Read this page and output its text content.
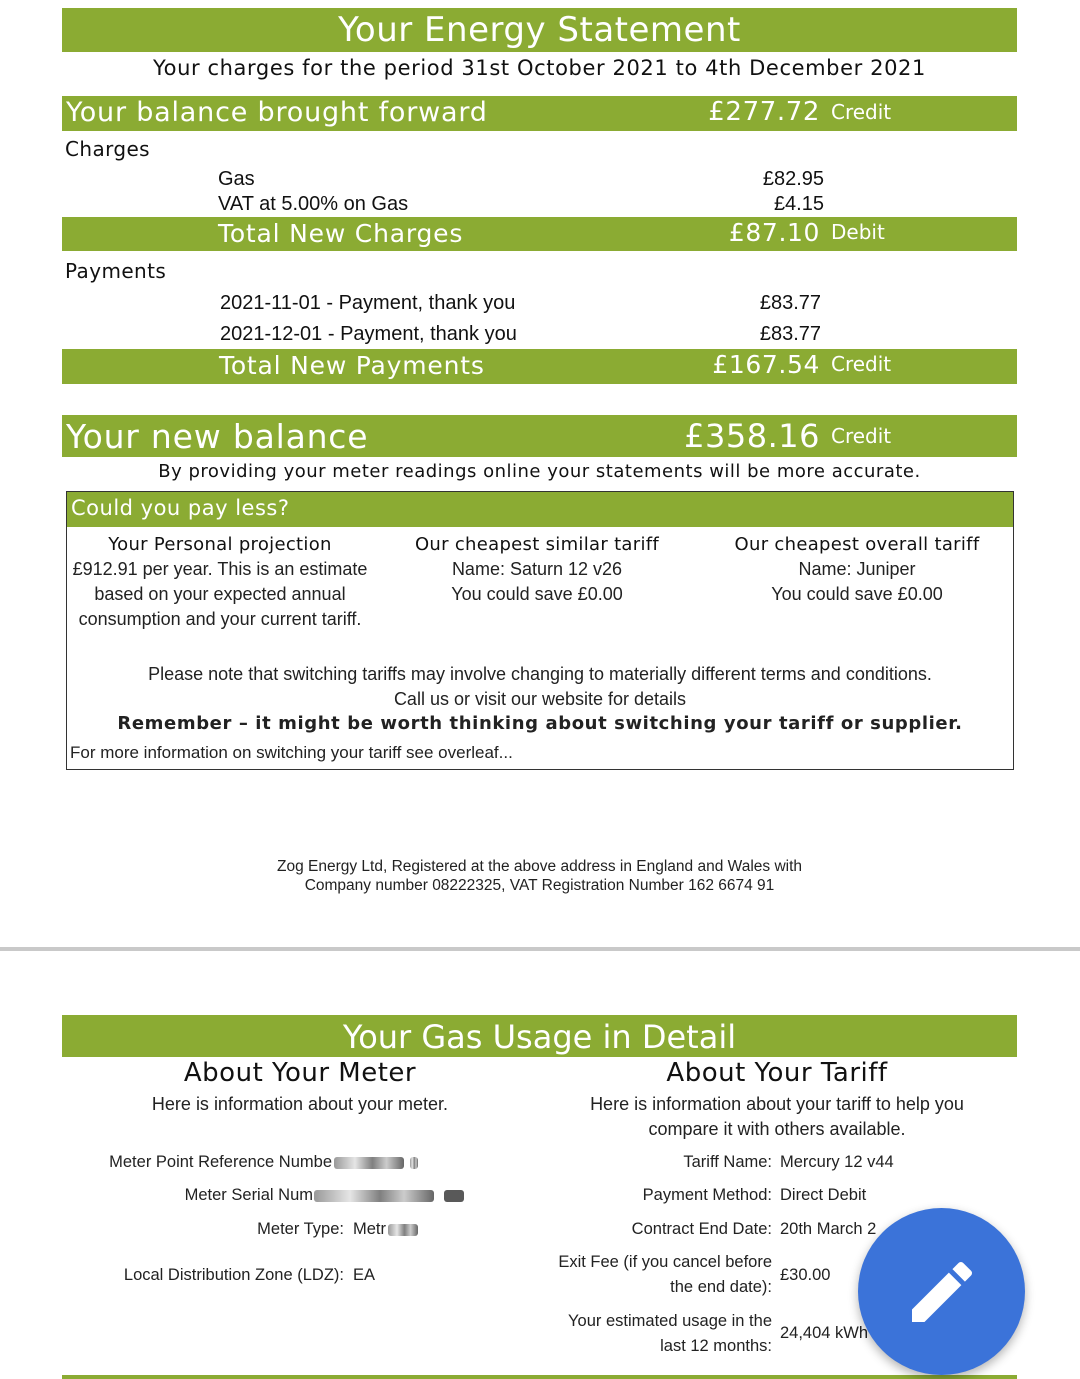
Your Energy Statement
Your charges for the period 31st October 2021 to 4th December 2021
Your balance brought forward	£277.72 Credit
Charges
Gas	£82.95
VAT at 5.00% on Gas	£4.15
Total New Charges	£87.10 Debit
Payments
2021-11-01 - Payment, thank you	£83.77
2021-12-01 - Payment, thank you	£83.77
Total New Payments	£167.54 Credit
Your new balance	£358.16 Credit
By providing your meter readings online your statements will be more accurate.
Could you pay less?
Your Personal projection
£912.91 per year. This is an estimate
based on your expected annual
consumption and your current tariff.
Our cheapest similar tariff
Name: Saturn 12 v26
You could save £0.00
Our cheapest overall tariff
Name: Juniper
You could save £0.00
Please note that switching tariffs may involve changing to materially different terms and conditions.
Call us or visit our website for details
Remember – it might be worth thinking about switching your tariff or supplier.
For more information on switching your tariff see overleaf...
Zog Energy Ltd, Registered at the above address in England and Wales with
Company number 08222325, VAT Registration Number 162 6674 91
Your Gas Usage in Detail
About Your Meter
Here is information about your meter.
About Your Tariff
Here is information about your tariff to help you
compare it with others available.
Meter Point Reference Numbe
Meter Serial Num
Meter Type: Metr
Local Distribution Zone (LDZ): EA
Tariff Name: Mercury 12 v44
Payment Method: Direct Debit
Contract End Date: 20th March 2
Exit Fee (if you cancel before
the end date):
£30.00
Your estimated usage in the
last 12 months:
24,404 kWh
